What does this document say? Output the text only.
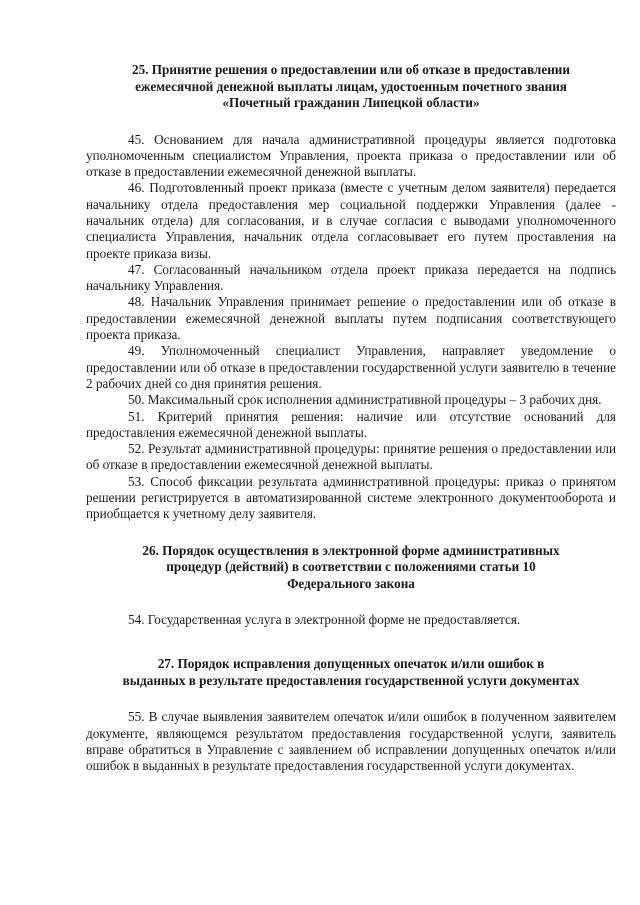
25. Принятие решения о предоставлении или об отказе в предоставлении
ежемесячной денежной выплаты лицам, удостоенным почетного звания
«Почетный гражданин Липецкой области»

45. Основанием для начала административной процедуры является подготовка уполномоченным специалистом Управления, проекта приказа о предоставлении или об отказе в предоставлении ежемесячной денежной выплаты.

46. Подготовленный проект приказа (вместе с учетным делом заявителя) передается начальнику отдела предоставления мер социальной поддержки Управления (далее - начальник отдела) для согласования, и в случае согласия с выводами уполномоченного специалиста Управления, начальник отдела согласовывает его путем проставления на проекте приказа визы.

47. Согласованный начальником отдела проект приказа передается на подпись начальнику Управления.

48. Начальник Управления принимает решение о предоставлении или об отказе в предоставлении ежемесячной денежной выплаты путем подписания соответствующего проекта приказа.

49. Уполномоченный специалист Управления, направляет уведомление о предоставлении или об отказе в предоставлении государственной услуги заявителю в течение 2 рабочих дней со дня принятия решения.

50. Максимальный срок исполнения административной процедуры – 3 рабочих дня.

51. Критерий принятия решения: наличие или отсутствие оснований для предоставления ежемесячной денежной выплаты.

52. Результат административной процедуры: принятие решения о предоставлении или об отказе в предоставлении ежемесячной денежной выплаты.

53. Способ фиксации результата административной процедуры: приказ о принятом решении регистрируется в автоматизированной системе электронного документооборота и приобщается к учетному делу заявителя.

26. Порядок осуществления в электронной форме административных
процедур (действий) в соответствии с положениями статьи 10
Федерального закона

54. Государственная услуга в электронной форме не предоставляется.

27. Порядок исправления допущенных опечаток и/или ошибок в
выданных в результате предоставления государственной услуги документах

55. В случае выявления заявителем опечаток и/или ошибок в полученном заявителем документе, являющемся результатом предоставления государственной услуги, заявитель вправе обратиться в Управление с заявлением об исправлении допущенных опечаток и/или ошибок в выданных в результате предоставления государственной услуги документах.
